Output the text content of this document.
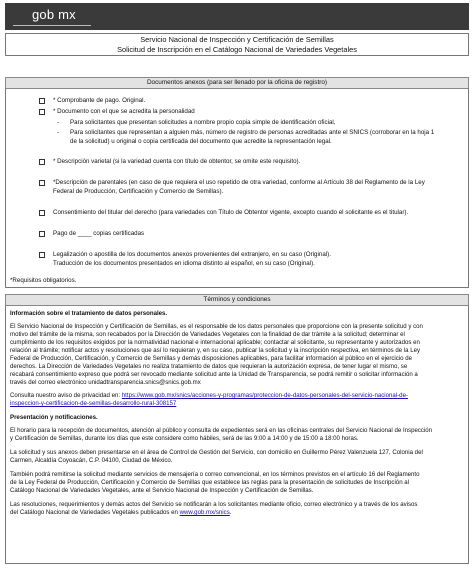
gob mx
Servicio Nacional de Inspección y Certificación de Semillas
Solicitud de Inscripción en el Catálogo Nacional de Variedades Vegetales
Documentos anexos (para ser llenado por la oficina de registro)
* Comprobante de pago. Original.
* Documento con el que se acredita la personalidad
- Para solicitantes que presentan solicitudes a nombre propio copia simple de identificación oficial,
- Para solicitantes que representan a alguien más, número de registro de personas acreditadas ante el SNICS (corroborar en la hoja 1
de la solicitud) u original o copia certificada del documento que acredite la representación legal.
* Descripción varietal (si la variedad cuenta con título de obtentor, se omite este requisito).
*Descripción de parentales (en caso de que requiera el uso repetido de otra variedad, conforme al Artículo 38 del Reglamento de la Ley
Federal de Producción, Certificación y Comercio de Semillas).
Consentimiento del titular del derecho (para variedades con Título de Obtentor vigente, excepto cuando el solicitante es el titular).
Pago de ____ copias certificadas
Legalización o apostilla de los documentos anexos provenientes del extranjero, en su caso (Original).
Traducción de los documentos presentados en idioma distinto al español, en su caso (Original).
*Requisitos obligatorios.
Términos y condiciones
Información sobre el tratamiento de datos personales.
El Servicio Nacional de Inspección y Certificación de Semillas, es el responsable de los datos personales que proporcione con la presente solicitud y con
motivo del trámite de la misma, son recabados por la Dirección de Variedades Vegetales con la finalidad de dar trámite a la solicitud; determinar el
cumplimiento de los requisitos exigidos por la normatividad nacional e internacional aplicable; contactar al solicitante, su representante y autorizados en
relación al trámite; notificar actos y resoluciones que así lo requieran y, en su caso, publicar la solicitud y la inscripción respectiva, en términos de la Ley
Federal de Producción, Certificación, y Comercio de Semillas y demás disposiciones aplicables, para facilitar información al público en el ejercicio de
derechos. La Dirección de Variedades Vegetales no realiza tratamiento de datos que requieran la autorización expresa, de tener lugar el mismo, se
recabará consentimiento expreso que podrá ser revocado mediante solicitud ante la Unidad de Transparencia, se podrá remitir o solicitar información a
través del correo electrónico unidadtransparencia.snics@snics.gob.mx
Consulta nuestro aviso de privacidad en: https://www.gob.mx/snics/acciones-y-programas/proteccion-de-datos-personales-del-servicio-nacional-de-
inspeccion-y-certificacion-de-semillas-desarrollo-rural-308157
Presentación y notificaciones.
El horario para la recepción de documentos, atención al público y consulta de expedientes será en las oficinas centrales del Servicio Nacional de Inspección
y Certificación de Semillas, durante los días que este considere como hábiles, será de las 9:00 a 14:00 y de 15:00 a 18:00 horas.
La solicitud y sus anexos deben presentarse en el área de Control de Gestión del Servicio, con domicilio en Guillermo Pérez Valenzuela 127, Colonia del
Carmen, Alcaldía Coyoacán, C.P. 04100, Ciudad de México.
También podrá remitirse la solicitud mediante servicios de mensajería o correo convencional, en los términos previstos en el artículo 16 del Reglamento
de la Ley Federal de Producción, Certificación y Comercio de Semillas que establece las reglas para la presentación de solicitudes de Inscripción al
Catálogo Nacional de Variedades Vegetales, ante el Servicio Nacional de Inspección y Certificación de Semillas.
Las resoluciones, requerimientos y demás actos del Servicio se notificarán a los solicitantes mediante oficio, correo electrónico y a través de los avisos
del Catálogo Nacional de Variedades Vegetales publicados en www.gob.mx/snics.
